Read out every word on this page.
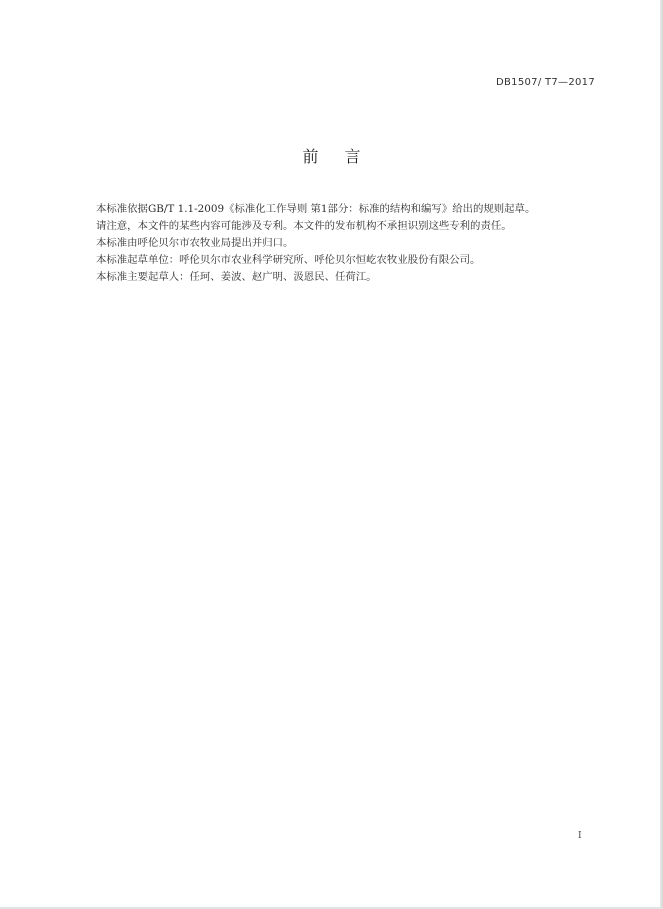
DB1507/ T7—2017
前言

本标准依据GB/T 1.1-2009《标准化工作导则 第1部分：标准的结构和编写》给出的规则起草。

请注意，本文件的某些内容可能涉及专利。本文件的发布机构不承担识别这些专利的责任。

本标准由呼伦贝尔市农牧业局提出并归口。

本标准起草单位：呼伦贝尔市农业科学研究所、呼伦贝尔恒屹农牧业股份有限公司。

本标准主要起草人：任珂、姜波、赵广明、汲恩民、任荷江。

I
